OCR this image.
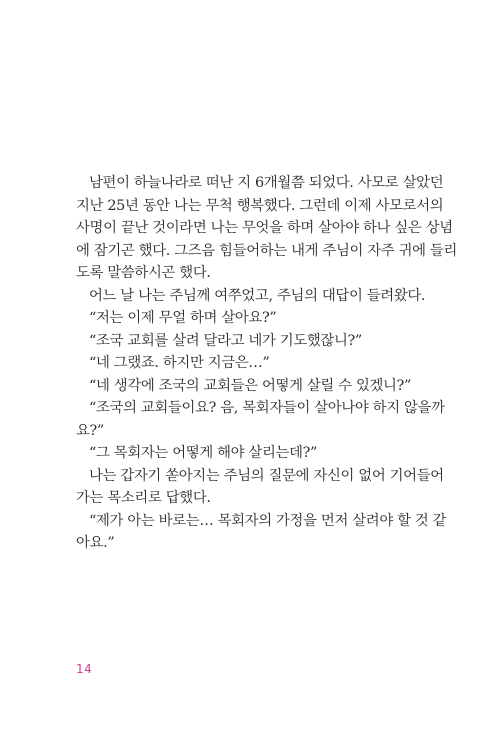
남편이 하늘나라로 떠난 지 6개월쯤 되었다. 사모로 살았던
지난 25년 동안 나는 무척 행복했다. 그런데 이제 사모로서의
사명이 끝난 것이라면 나는 무엇을 하며 살아야 하나 싶은 상념
에 잠기곤 했다. 그즈음 힘들어하는 내게 주님이 자주 귀에 들리
도록 말씀하시곤 했다.
어느 날 나는 주님께 여쭈었고, 주님의 대답이 들려왔다.
“저는 이제 무얼 하며 살아요?”
“조국 교회를 살려 달라고 네가 기도했잖니?”
“네 그랬죠. 하지만 지금은…”
“네 생각에 조국의 교회들은 어떻게 살릴 수 있겠니?”
“조국의 교회들이요? 음, 목회자들이 살아나야 하지 않을까
요?”
“그 목회자는 어떻게 해야 살리는데?”
나는 갑자기 쏟아지는 주님의 질문에 자신이 없어 기어들어
가는 목소리로 답했다.
“제가 아는 바로는… 목회자의 가정을 먼저 살려야 할 것 같
아요.”
14
